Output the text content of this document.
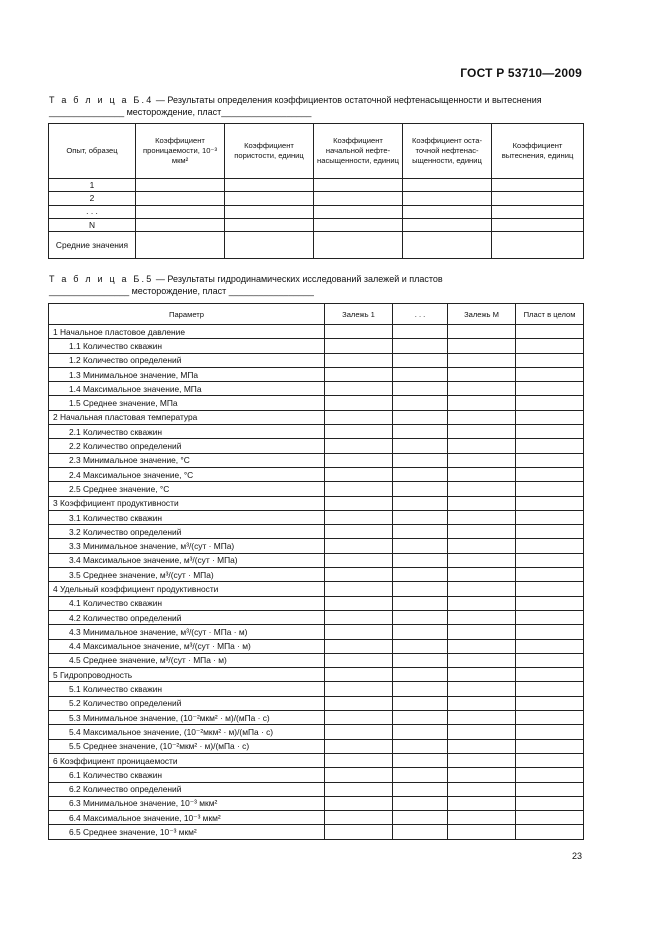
ГОСТ Р 53710—2009
Т а б л и ц а Б.4 — Результаты определения коэффициентов остаточной нефтенасыщенности и вытеснения
_______________ месторождение, пласт__________________
Опыт, образец	Коэффициент проницаемости, 10⁻³ мкм²	Коэффициент пористости, единиц	Коэффициент начальной нефте-насыщенности, единиц	Коэффициент оста-точной нефтенас-ыщенности, единиц	Коэффициент вытеснения, единиц
1					
2					
. . .					
N					
Средние значения					
Т а б л и ц а Б.5 — Результаты гидродинамических исследований залежей и пластов
________________ месторождение, пласт _________________
Параметр	Залежь 1	. . .	Залежь М	Пласт в целом
1 Начальное пластовое давление				
1.1 Количество скважин				
1.2 Количество определений				
1.3 Минимальное значение, МПа				
1.4 Максимальное значение, МПа				
1.5 Среднее значение, МПа				
2 Начальная пластовая температура				
2.1 Количество скважин				
2.2 Количество определений				
2.3 Минимальное значение, °С				
2.4 Максимальное значение, °С				
2.5 Среднее значение, °С				
3 Коэффициент продуктивности				
3.1 Количество скважин				
3.2 Количество определений				
3.3 Минимальное значение, м³/(сут · МПа)				
3.4 Максимальное значение, м³/(сут · МПа)				
3.5 Среднее значение, м³/(сут · МПа)				
4 Удельный коэффициент продуктивности				
4.1 Количество скважин				
4.2 Количество определений				
4.3 Минимальное значение, м³/(сут · МПа · м)				
4.4 Максимальное значение, м³/(сут · МПа · м)				
4.5 Среднее значение, м³/(сут · МПа · м)				
5 Гидропроводность				
5.1 Количество скважин				
5.2 Количество определений				
5.3 Минимальное значение, (10⁻²мкм² · м)/(мПа · с)				
5.4 Максимальное значение, (10⁻²мкм² · м)/(мПа · с)				
5.5 Среднее значение, (10⁻²мкм² · м)/(мПа · с)				
6 Коэффициент проницаемости				
6.1 Количество скважин				
6.2 Количество определений				
6.3 Минимальное значение, 10⁻³ мкм²				
6.4 Максимальное значение, 10⁻³ мкм²				
6.5 Среднее значение, 10⁻³ мкм²				
23
